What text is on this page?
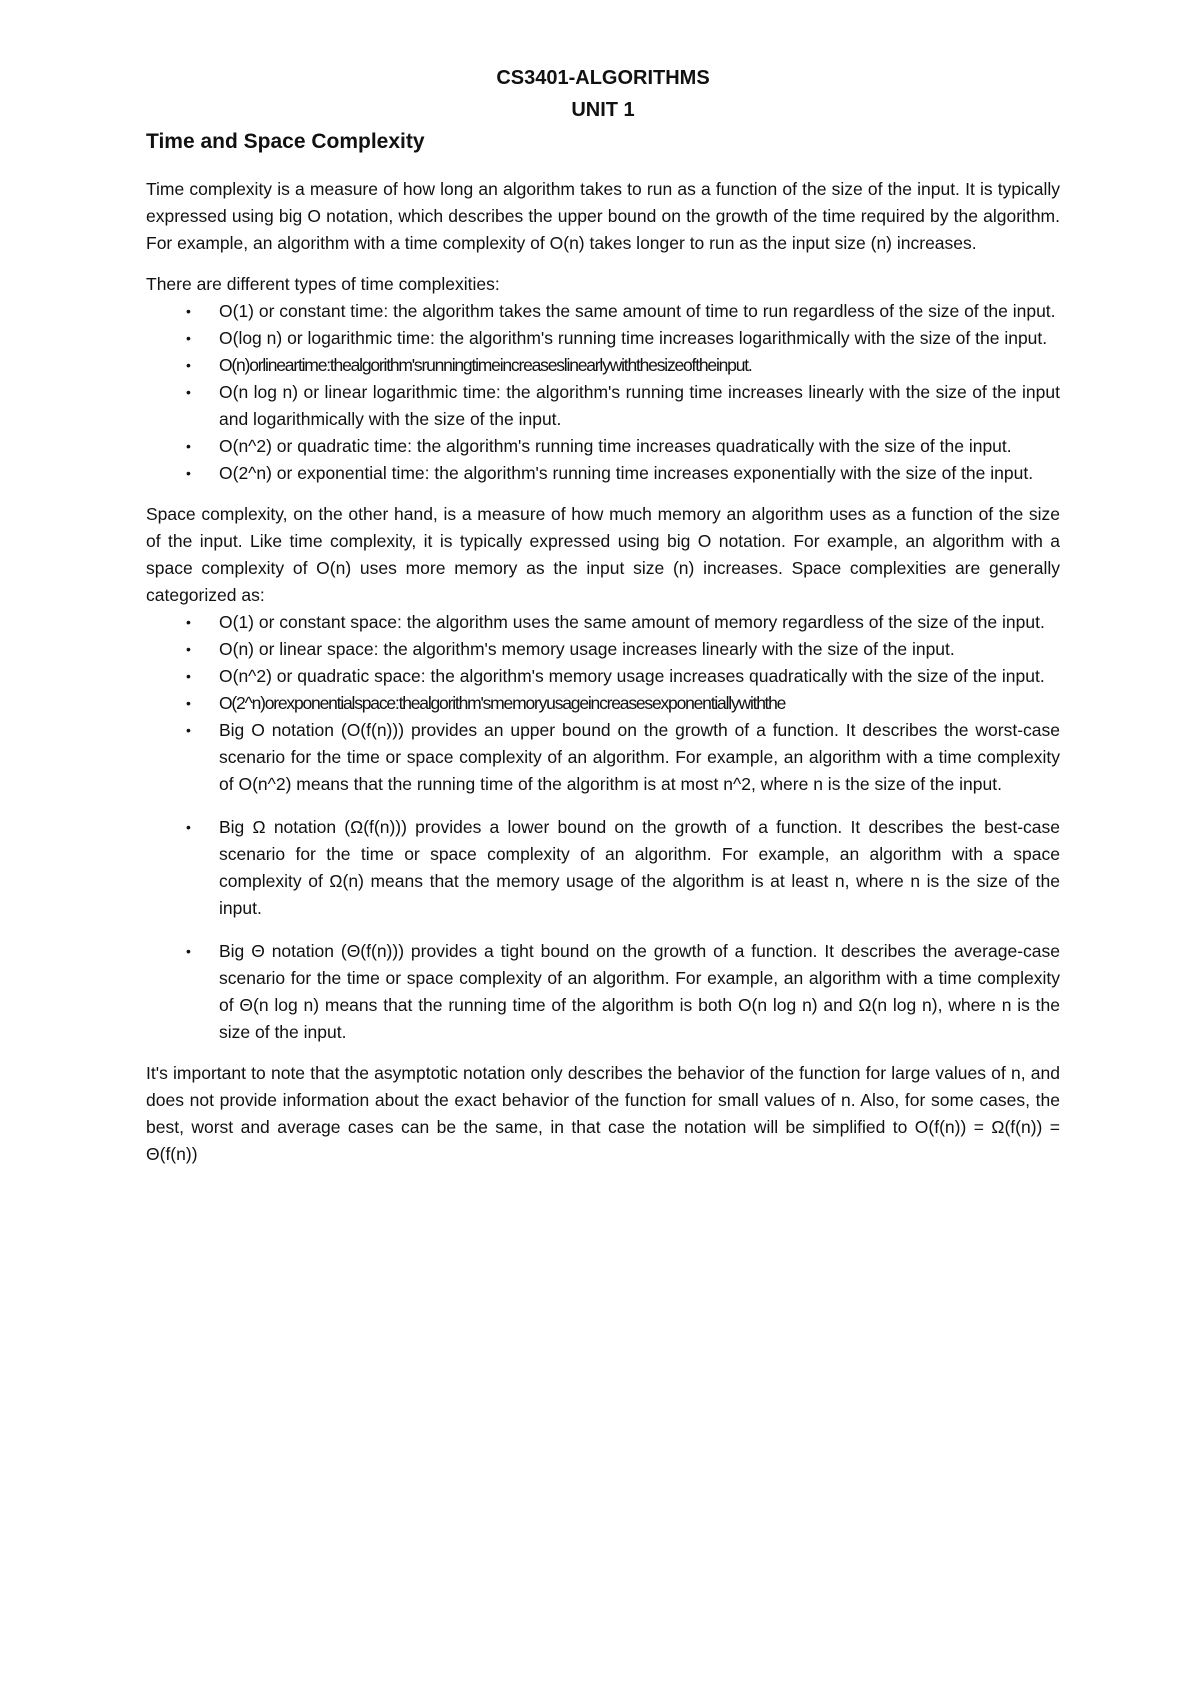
CS3401-ALGORITHMS
UNIT 1
Time and Space Complexity

Time complexity is a measure of how long an algorithm takes to run as a function of the size of the input. It is typically expressed using big O notation, which describes the upper bound on the growth of the time required by the algorithm. For example, an algorithm with a time complexity of O(n) takes longer to run as the input size (n) increases.

There are different types of time complexities:

• O(1) or constant time: the algorithm takes the same amount of time to run regardless of the size of the input.
• O(log n) or logarithmic time: the algorithm's running time increases logarithmically with the size of the input.
• O(n)orlineartime:thealgorithm'srunningtimeincreaseslinearlywiththesizeoftheinput.
• O(n log n) or linear logarithmic time: the algorithm's running time increases linearly with the size of the input and logarithmically with the size of the input.
• O(n^2) or quadratic time: the algorithm's running time increases quadratically with the size of the input.
• O(2^n) or exponential time: the algorithm's running time increases exponentially with the size of the input.

Space complexity, on the other hand, is a measure of how much memory an algorithm uses as a function of the size of the input. Like time complexity, it is typically expressed using big O notation. For example, an algorithm with a space complexity of O(n) uses more memory as the input size (n) increases. Space complexities are generally categorized as:

• O(1) or constant space: the algorithm uses the same amount of memory regardless of the size of the input.
• O(n) or linear space: the algorithm's memory usage increases linearly with the size of the input.
• O(n^2) or quadratic space: the algorithm's memory usage increases quadratically with the size of the input.
• O(2^n)orexponentialspace:thealgorithm'smemoryusageincreasesexponentiallywith the
• Big O notation (O(f(n))) provides an upper bound on the growth of a function. It describes the worst-case scenario for the time or space complexity of an algorithm. For example, an algorithm with a time complexity of O(n^2) means that the running time of the algorithm is at most n^2, where n is the size of the input.
• Big Ω notation (Ω(f(n))) provides a lower bound on the growth of a function. It describes the best-case scenario for the time or space complexity of an algorithm. For example, an algorithm with a space complexity of Ω(n) means that the memory usage of the algorithm is at least n, where n is the size of the input.
• Big Θ notation (Θ(f(n))) provides a tight bound on the growth of a function. It describes the average-case scenario for the time or space complexity of an algorithm. For example, an algorithm with a time complexity of Θ(n log n) means that the running time of the algorithm is both O(n log n) and Ω(n log n), where n is the size of the input.

It's important to note that the asymptotic notation only describes the behavior of the function for large values of n, and does not provide information about the exact behavior of the function for small values of n. Also, for some cases, the best, worst and average cases can be the same, in that case the notation will be simplified to O(f(n)) = Ω(f(n)) = Θ(f(n))
